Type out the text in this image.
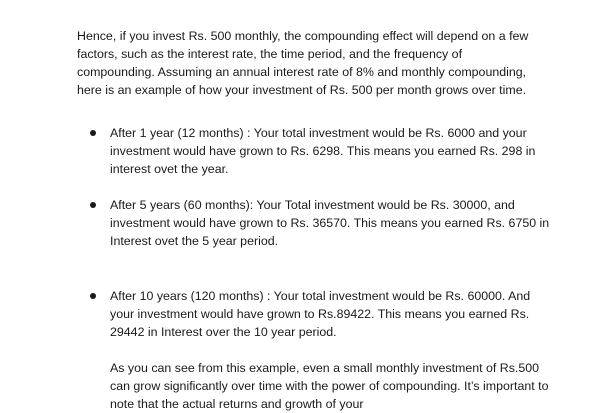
Hence, if you invest Rs. 500 monthly, the compounding effect will depend on a few factors, such as the interest rate, the time period, and the frequency of compounding. Assuming an annual interest rate of 8% and monthly compounding, here is an example of how your investment of Rs. 500 per month grows over time.

After 1 year (12 months) : Your total investment would be Rs. 6000 and your investment would have grown to Rs. 6298. This means you earned Rs. 298 in interest ovet the year.
After 5 years (60 months): Your Total investment would be Rs. 30000, and investment would have grown to Rs. 36570. This means you earned Rs. 6750 in Interest ovet the 5 year period.
After 10 years (120 months) : Your total investment would be Rs. 60000. And your investment would have grown to Rs.89422. This means you earned Rs. 29442 in Interest over the 10 year period.

As you can see from this example, even a small monthly investment of Rs.500 can grow significantly over time with the power of compounding. It’s important to note that the actual returns and growth of your
